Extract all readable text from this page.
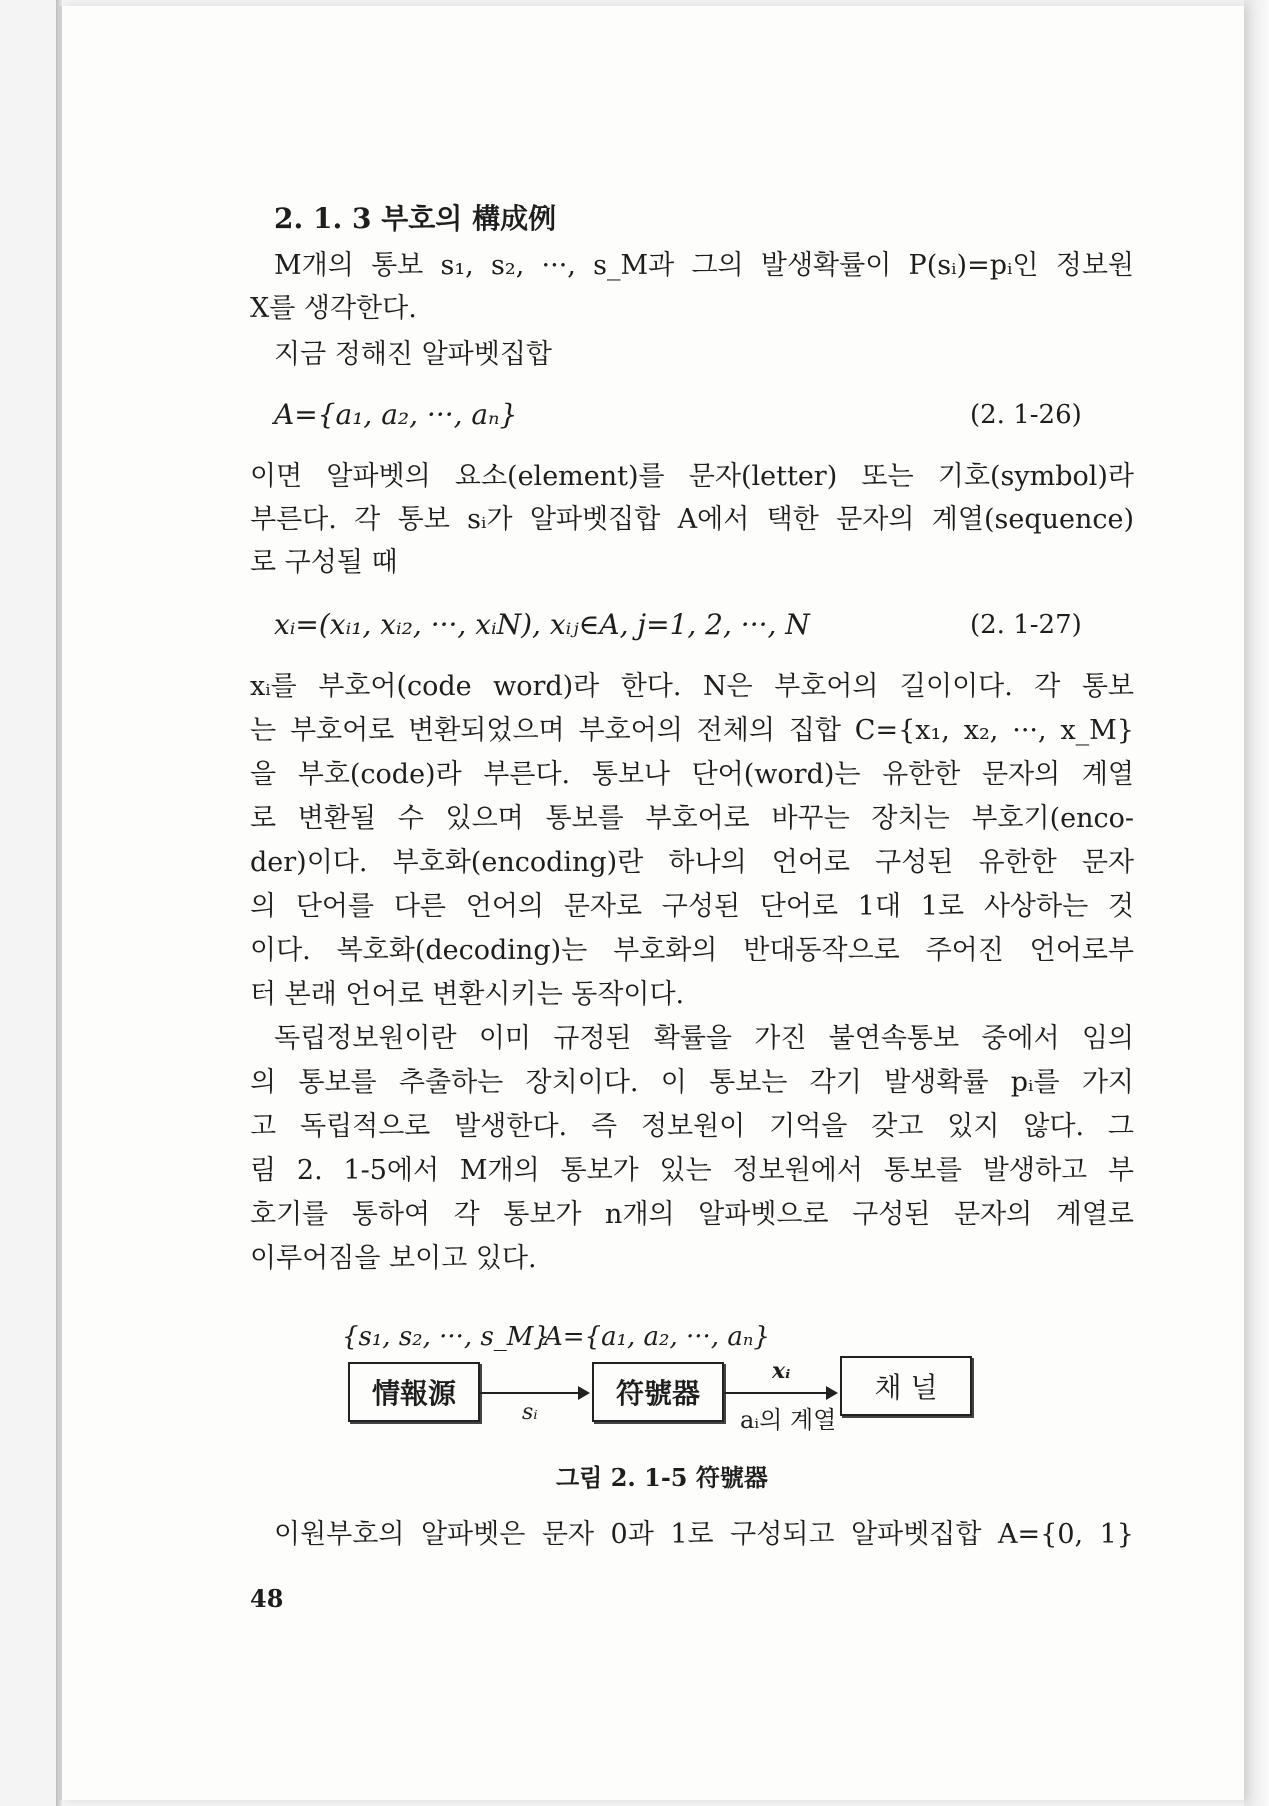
2. 1. 3 부호의 構成例
M개의 통보 s₁, s₂, ···, s_M과 그의 발생확률이 P(sᵢ)=pᵢ인 정보원
X를 생각한다.
지금 정해진 알파벳집합
A={a₁, a₂, ···, aₙ}	(2. 1-26)
이면 알파벳의 요소(element)를 문자(letter) 또는 기호(symbol)라
부른다. 각 통보 sᵢ가 알파벳집합 A에서 택한 문자의 계열(sequence)
로 구성될 때
xᵢ=(xᵢ₁, xᵢ₂, ···, xᵢN), xᵢⱼ∈A, j=1, 2, ···, N	(2. 1-27)
xᵢ를 부호어(code word)라 한다. N은 부호어의 길이이다. 각 통보
는 부호어로 변환되었으며 부호어의 전체의 집합 C={x₁, x₂, ···, x_M}
을 부호(code)라 부른다. 통보나 단어(word)는 유한한 문자의 계열
로 변환될 수 있으며 통보를 부호어로 바꾸는 장치는 부호기(enco-
der)이다. 부호화(encoding)란 하나의 언어로 구성된 유한한 문자
의 단어를 다른 언어의 문자로 구성된 단어로 1대 1로 사상하는 것
이다. 복호화(decoding)는 부호화의 반대동작으로 주어진 언어로부
터 본래 언어로 변환시키는 동작이다.
독립정보원이란 이미 규정된 확률을 가진 불연속통보 중에서 임의
의 통보를 추출하는 장치이다. 이 통보는 각기 발생확률 pᵢ를 가지
고 독립적으로 발생한다. 즉 정보원이 기억을 갖고 있지 않다. 그
림 2. 1-5에서 M개의 통보가 있는 정보원에서 통보를 발생하고 부
호기를 통하여 각 통보가 n개의 알파벳으로 구성된 문자의 계열로
이루어짐을 보이고 있다.
{s₁, s₂, ···, s_M}
A={a₁, a₂, ···, aₙ}
情報源
sᵢ
符號器
xᵢ
aᵢ의 계열
채 널
그림 2. 1-5 符號器
이원부호의 알파벳은 문자 0과 1로 구성되고 알파벳집합 A={0, 1}
48
